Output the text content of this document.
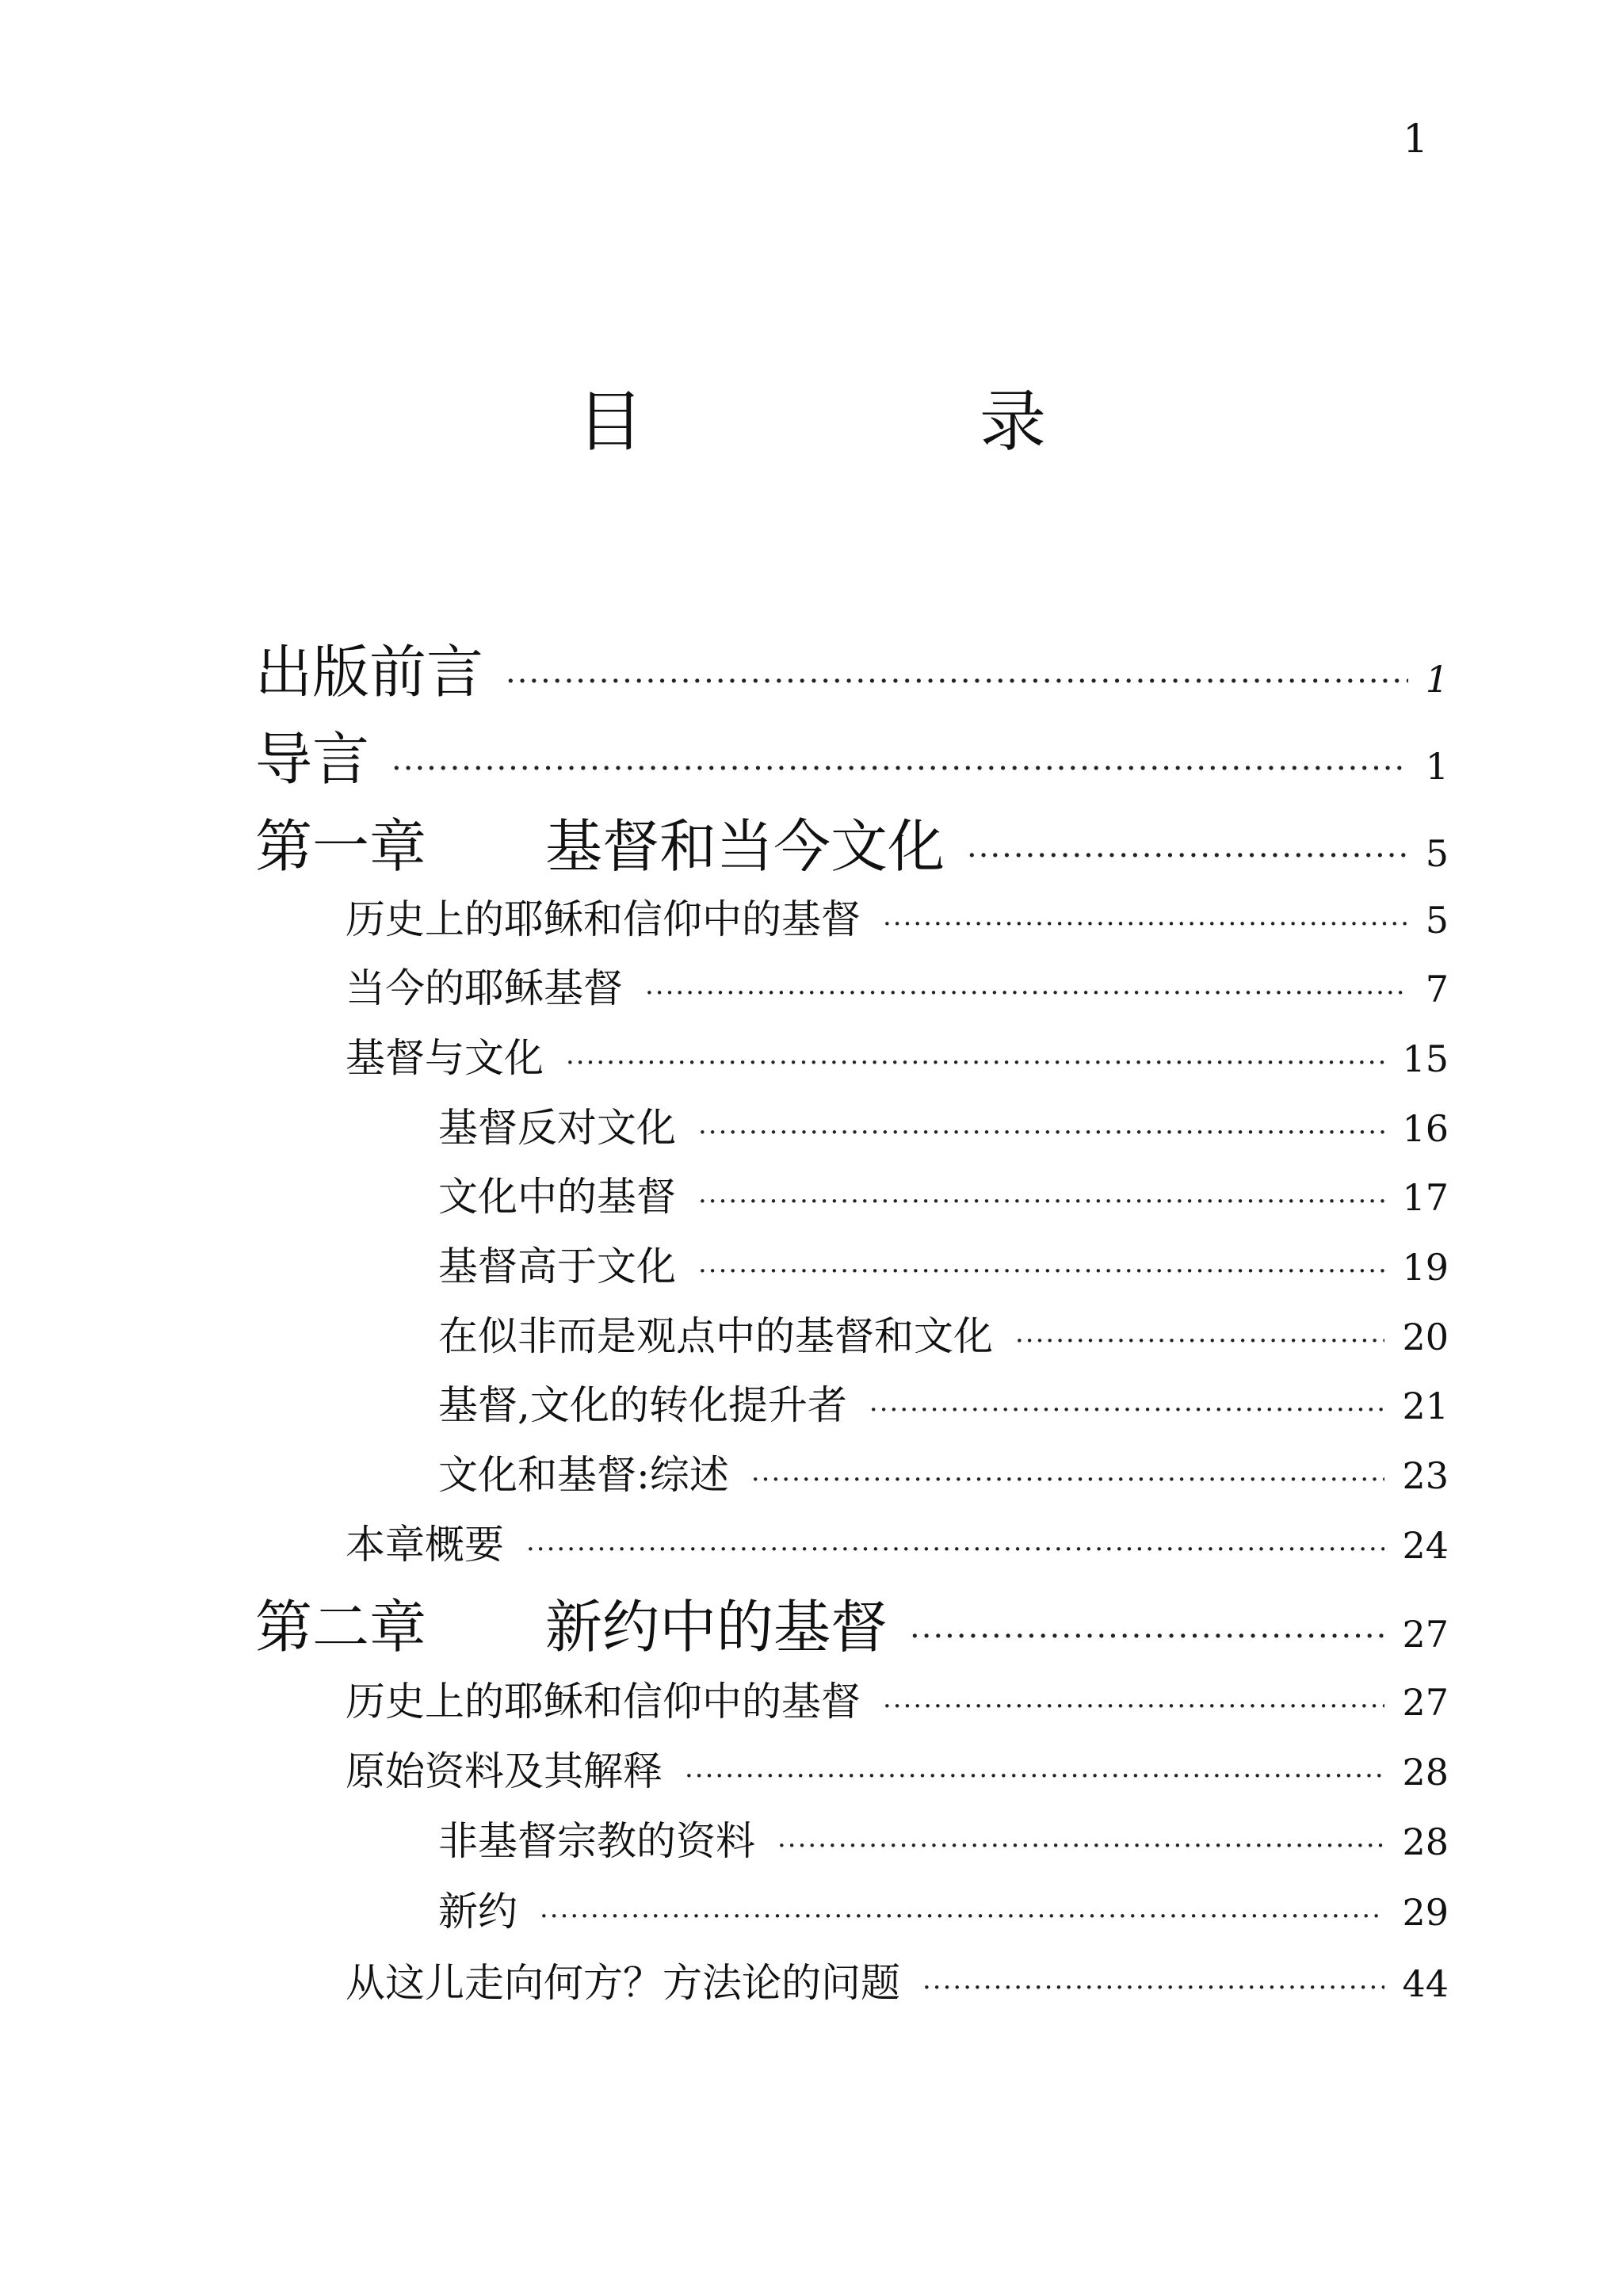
1
目　录
出版前言 ·····	1
导言 ·····	1
第一章 基督和当今文化 ·····	5
历史上的耶稣和信仰中的基督 ·····	5
当今的耶稣基督 ·····	7
基督与文化 ·····	15
基督反对文化 ·····	16
文化中的基督 ·····	17
基督高于文化 ·····	19
在似非而是观点中的基督和文化 ·····	20
基督,文化的转化提升者 ·····	21
文化和基督:综述 ·····	23
本章概要 ·····	24
第二章 新约中的基督 ·····	27
历史上的耶稣和信仰中的基督 ·····	27
原始资料及其解释 ·····	28
非基督宗教的资料 ·····	28
新约 ·····	29
从这儿走向何方？方法论的问题 ·····	44
